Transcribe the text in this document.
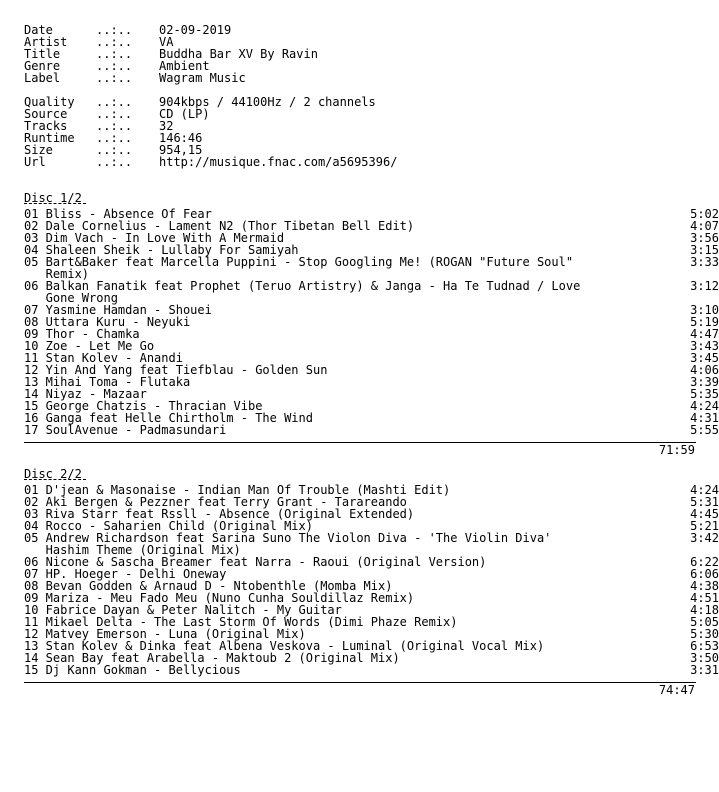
Date	..:.. 02-09-2019
Artist ..:.. VA
Title	..:.. Buddha Bar XV By Ravin
Genre	..:.. Ambient
Label	..:.. Wagram Music
Quality ..:.. 904kbps / 44100Hz / 2 channels
Source ..:.. CD (LP)
Tracks ..:.. 32
Runtime ..:.. 146:46
Size	..:.. 954,15
Url	..:.. http://musique.fnac.com/a5695396/
Disc 1/2
01 Bliss - Absence Of Fear	5:02
02 Dale Cornelius - Lament N2 (Thor Tibetan Bell Edit)	4:07
03 Dim Vach - In Love With A Mermaid	3:56
04 Shaleen Sheik - Lullaby For Samiyah	3:15
05 Bart&Baker feat Marcella Puppini - Stop Googling Me! (ROGAN "Future Soul"	3:33
Remix)
06 Balkan Fanatik feat Prophet (Teruo Artistry) & Janga - Ha Te Tudnad / Love	3:12
Gone Wrong
07 Yasmine Hamdan - Shouei	3:10
08 Uttara Kuru - Neyuki	5:19
09 Thor - Chamka	4:47
10 Zoe - Let Me Go	3:43
11 Stan Kolev - Anandi	3:45
12 Yin And Yang feat Tiefblau - Golden Sun	4:06
13 Mihai Toma - Flutaka	3:39
14 Niyaz - Mazaar	5:35
15 George Chatzis - Thracian Vibe	4:24
16 Ganga feat Helle Chirtholm - The Wind	4:31
17 SoulAvenue - Padmasundari	5:55
71:59
Disc 2/2
01 D'jean & Masonaise - Indian Man Of Trouble (Mashti Edit)	4:24
02 Aki Bergen & Pezzner feat Terry Grant - Tarareando	5:31
03 Riva Starr feat Rssll - Absence (Original Extended)	4:45
04 Rocco - Saharien Child (Original Mix)	5:21
05 Andrew Richardson feat Sarina Suno The Violon Diva - 'The Violin Diva'	3:42
Hashim Theme (Original Mix)
06 Nicone & Sascha Breamer feat Narra - Raoui (Original Version)	6:22
07 HP. Hoeger - Delhi Oneway	6:06
08 Bevan Godden & Arnaud D - Ntobenthle (Momba Mix)	4:38
09 Mariza - Meu Fado Meu (Nuno Cunha Souldillaz Remix)	4:51
10 Fabrice Dayan & Peter Nalitch - My Guitar	4:18
11 Mikael Delta - The Last Storm Of Words (Dimi Phaze Remix)	5:05
12 Matvey Emerson - Luna (Original Mix)	5:30
13 Stan Kolev & Dinka feat Albena Veskova - Luminal (Original Vocal Mix)	6:53
14 Sean Bay feat Arabella - Maktoub 2 (Original Mix)	3:50
15 Dj Kann Gokman - Bellycious	3:31
74:47
